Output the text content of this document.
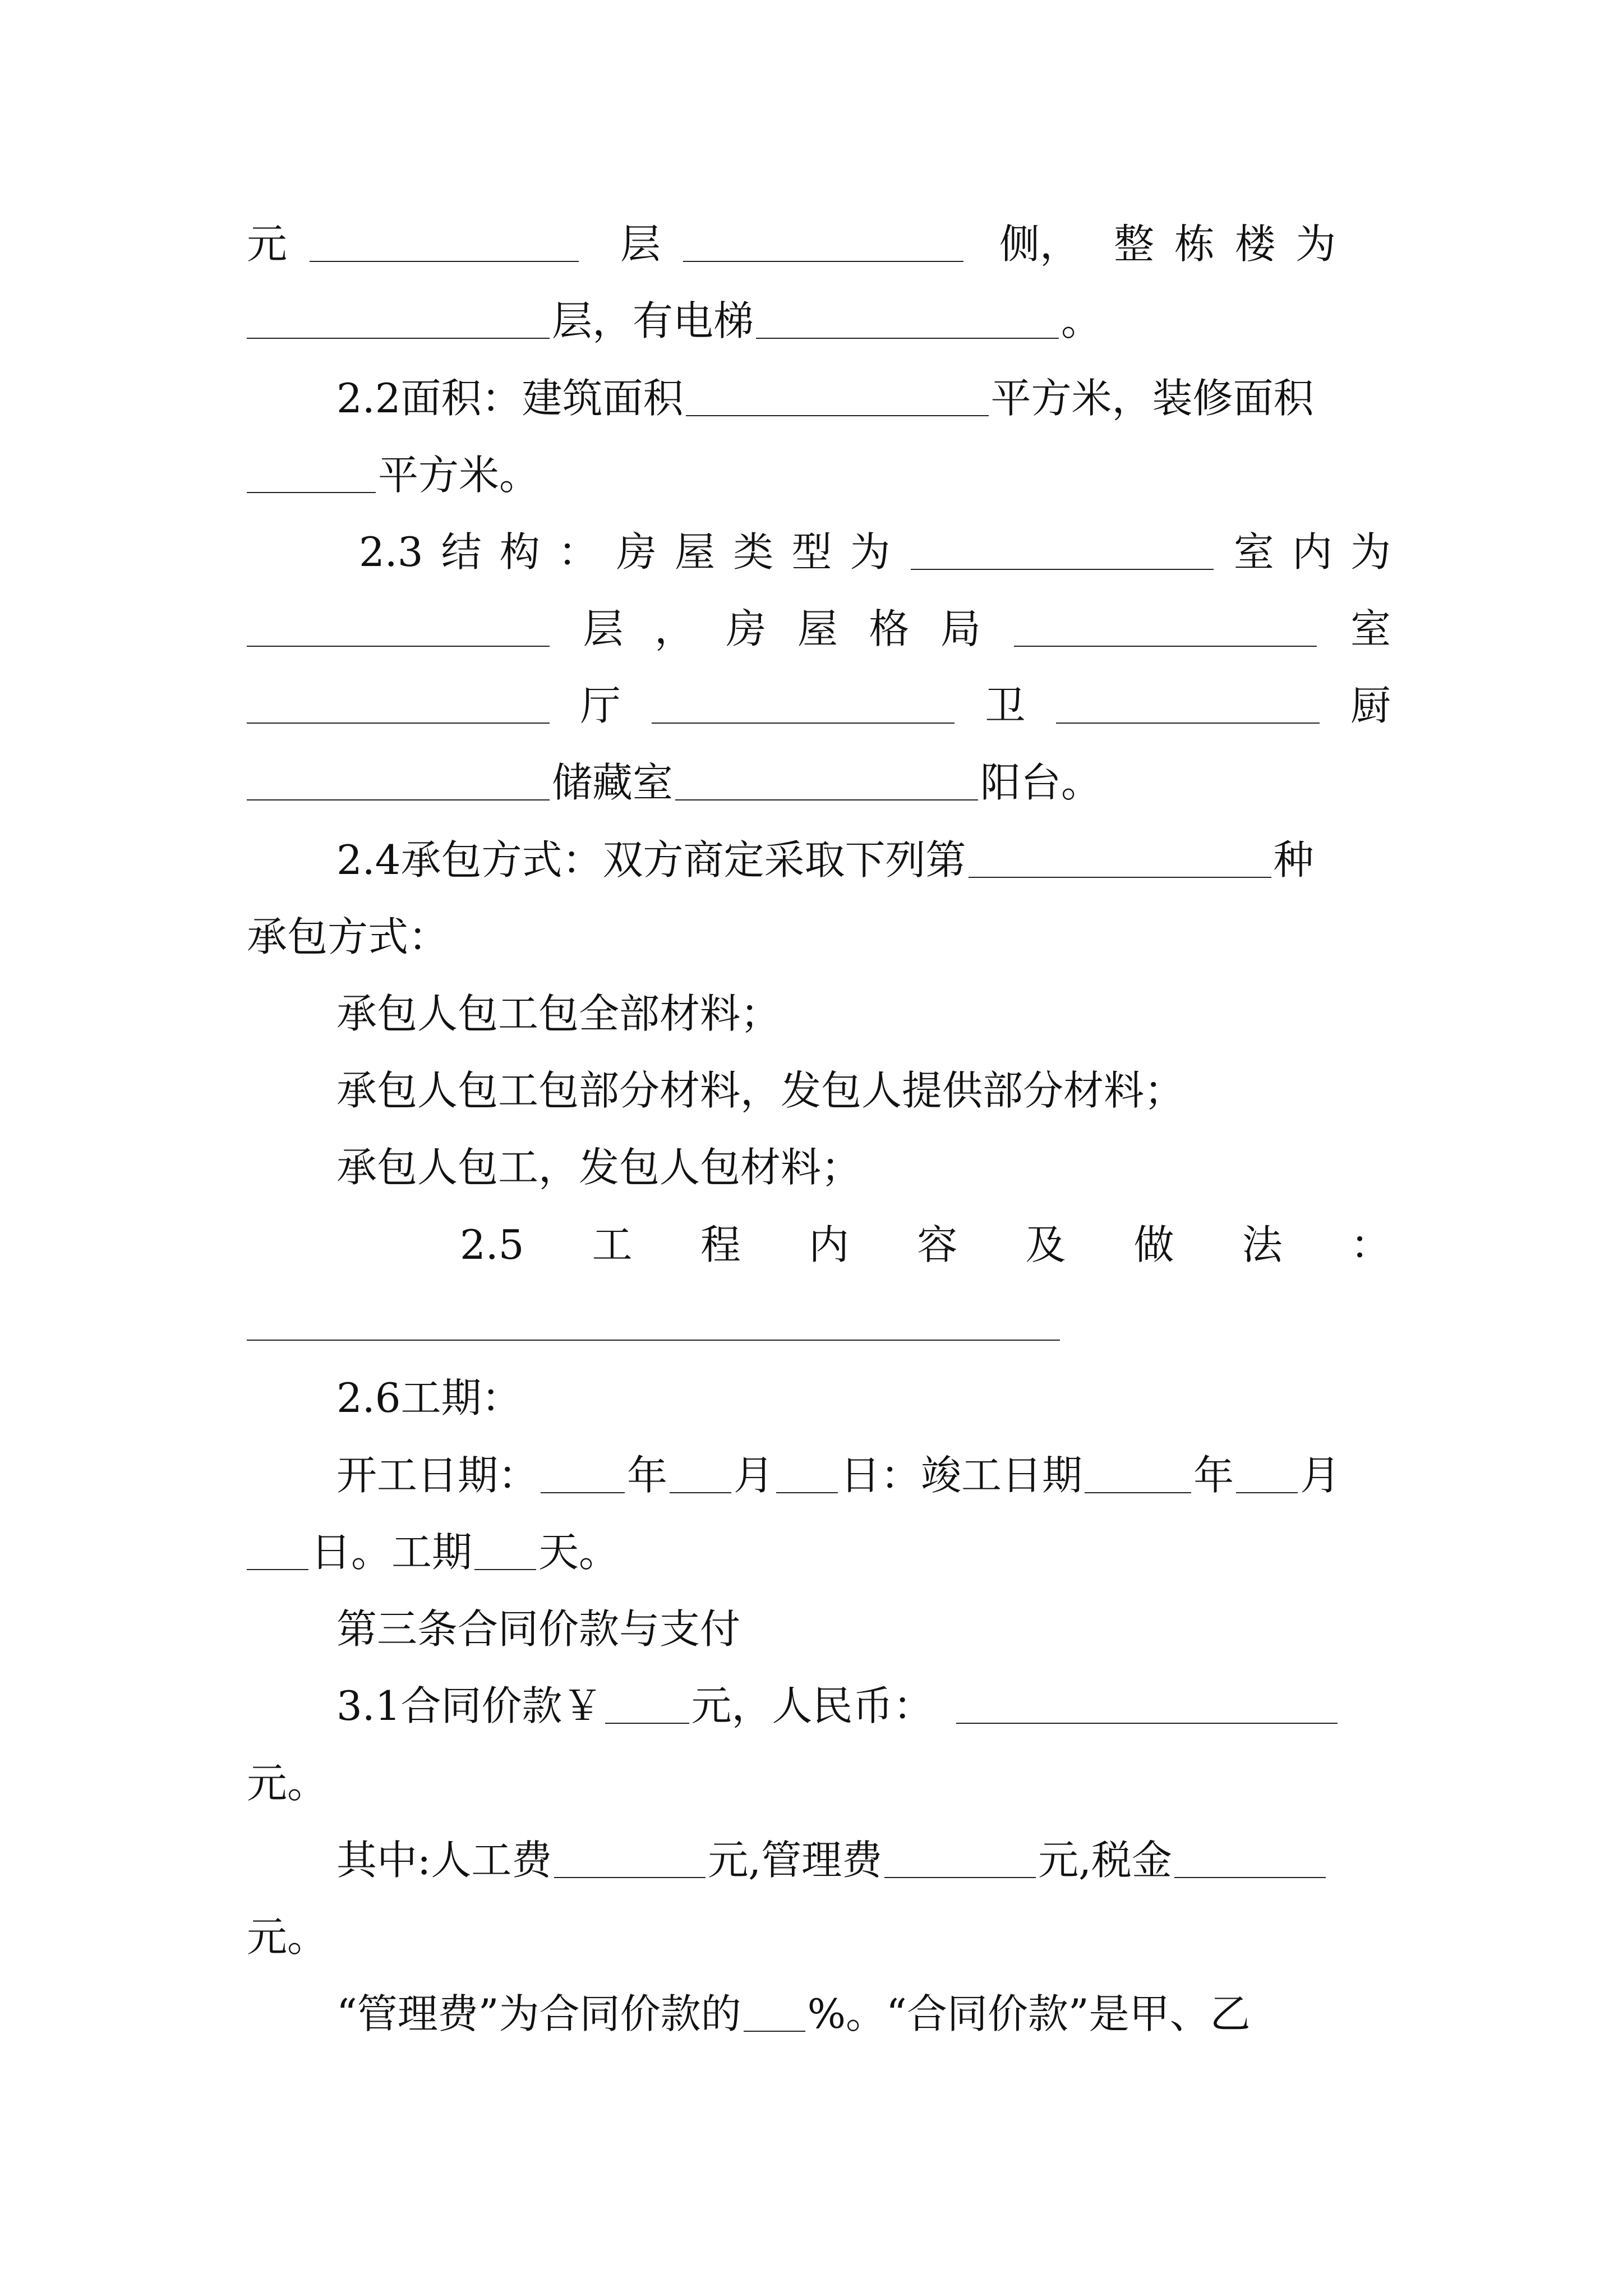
元	层	侧， 整 栋 楼 为
层，有电梯	。
2.2面积：建筑面积	平方米，装修面积
平方米。
2.3 结 构 ： 房 屋 类 型 为	室 内 为
层 ， 房 屋 格 局	室
厅	卫	厨
储藏室	阳台。
2.4承包方式：双方商定采取下列第	种
承包方式：
承包人包工包全部材料；
承包人包工包部分材料，发包人提供部分材料；
承包人包工，发包人包材料；
2.5 工 程 内 容 及 做 法 ：
2.6工期：
开工日期： 年 月 日：竣工日期	年 月
日。工期 天。
第三条合同价款与支付
3.1合同价款￥ 元，人民币：
元。
其中:人工费	元,管理费	元,税金
元。
“管理费”为合同价款的 %。“合同价款”是甲、乙
